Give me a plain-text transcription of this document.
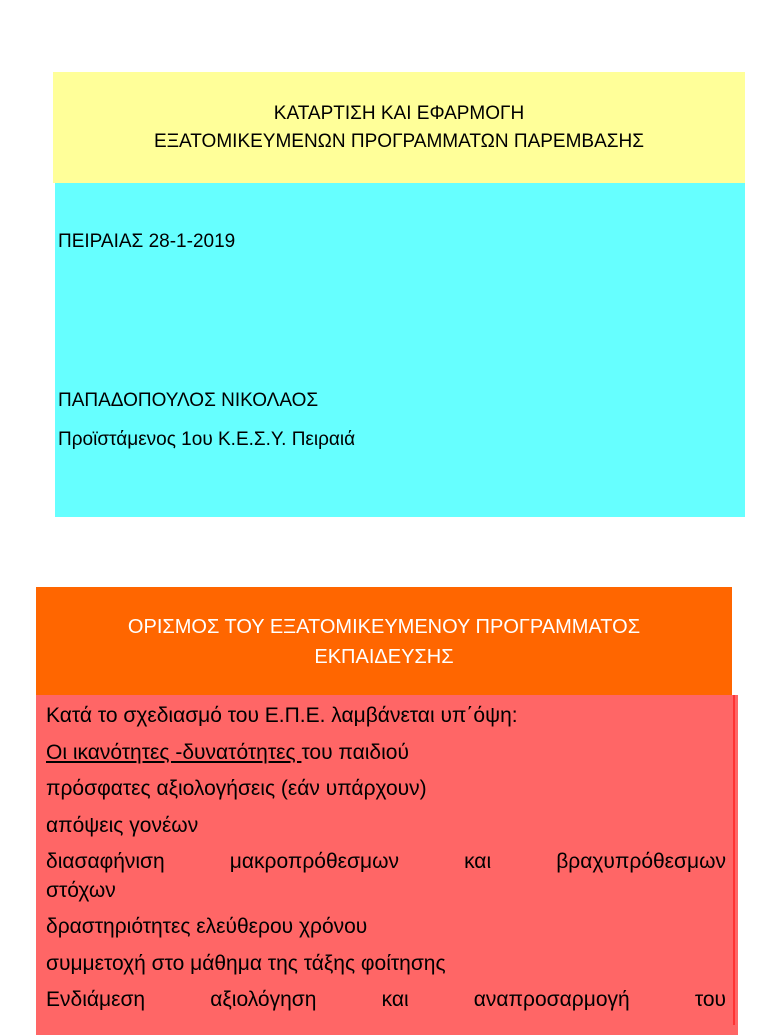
ΚΑΤΑΡΤΙΣΗ ΚΑΙ ΕΦΑΡΜΟΓΗ
ΕΞΑΤΟΜΙΚΕΥΜΕΝΩΝ ΠΡΟΓΡΑΜΜΑΤΩΝ ΠΑΡΕΜΒΑΣΗΣ
ΠΕΙΡΑΙΑΣ 28-1-2019
ΠΑΠΑΔΟΠΟΥΛΟΣ ΝΙΚΟΛΑΟΣ
Προϊστάμενος 1ου Κ.Ε.Σ.Υ. Πειραιά
ΟΡΙΣΜΟΣ ΤΟΥ ΕΞΑΤΟΜΙΚΕΥΜΕΝΟΥ ΠΡΟΓΡΑΜΜΑΤΟΣ
ΕΚΠΑΙΔΕΥΣΗΣ
Κατά το σχεδιασμό του Ε.Π.Ε. λαμβάνεται υπ΄όψη:
Οι ικανότητες -δυνατότητες του παιδιού
πρόσφατες αξιολογήσεις (εάν υπάρχουν)
απόψεις γονέων
διασαφήνιση μακροπρόθεσμων και βραχυπρόθεσμων
στόχων
δραστηριότητες ελεύθερου χρόνου
συμμετοχή στο μάθημα της τάξης φοίτησης
Ενδιάμεση αξιολόγηση και αναπροσαρμογή του
